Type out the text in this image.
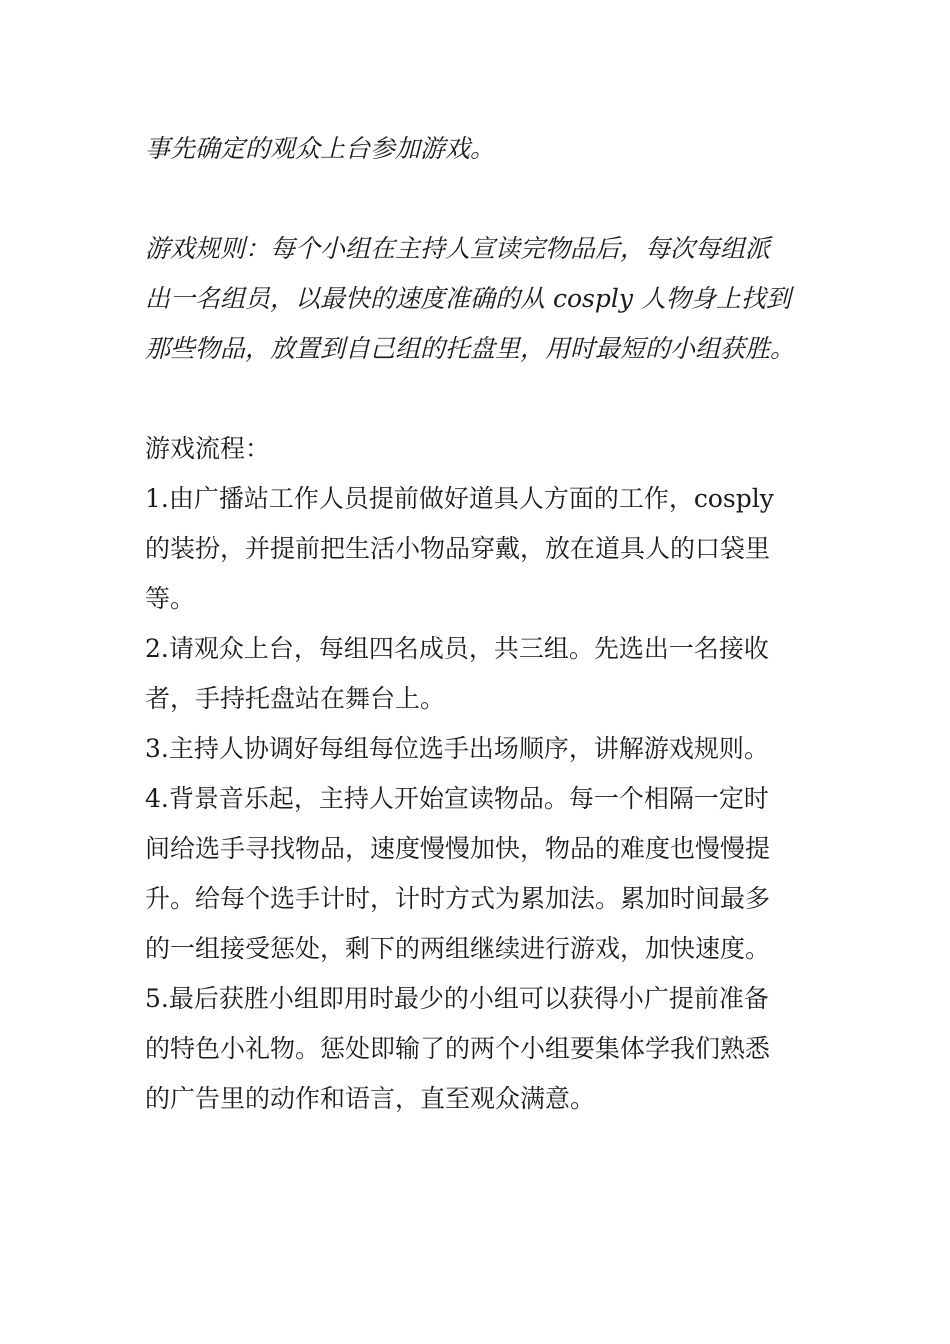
事先确定的观众上台参加游戏。
游戏规则：每个小组在主持人宣读完物品后，每次每组派
出一名组员，以最快的速度准确的从 cosply 人物身上找到
那些物品，放置到自己组的托盘里，用时最短的小组获胜。
游戏流程：
1.由广播站工作人员提前做好道具人方面的工作，cosply
的装扮，并提前把生活小物品穿戴，放在道具人的口袋里
等。
2.请观众上台，每组四名成员，共三组。先选出一名接收
者，手持托盘站在舞台上。
3.主持人协调好每组每位选手出场顺序，讲解游戏规则。
4.背景音乐起，主持人开始宣读物品。每一个相隔一定时
间给选手寻找物品，速度慢慢加快，物品的难度也慢慢提
升。给每个选手计时，计时方式为累加法。累加时间最多
的一组接受惩处，剩下的两组继续进行游戏，加快速度。
5.最后获胜小组即用时最少的小组可以获得小广提前准备
的特色小礼物。惩处即输了的两个小组要集体学我们熟悉
的广告里的动作和语言，直至观众满意。
